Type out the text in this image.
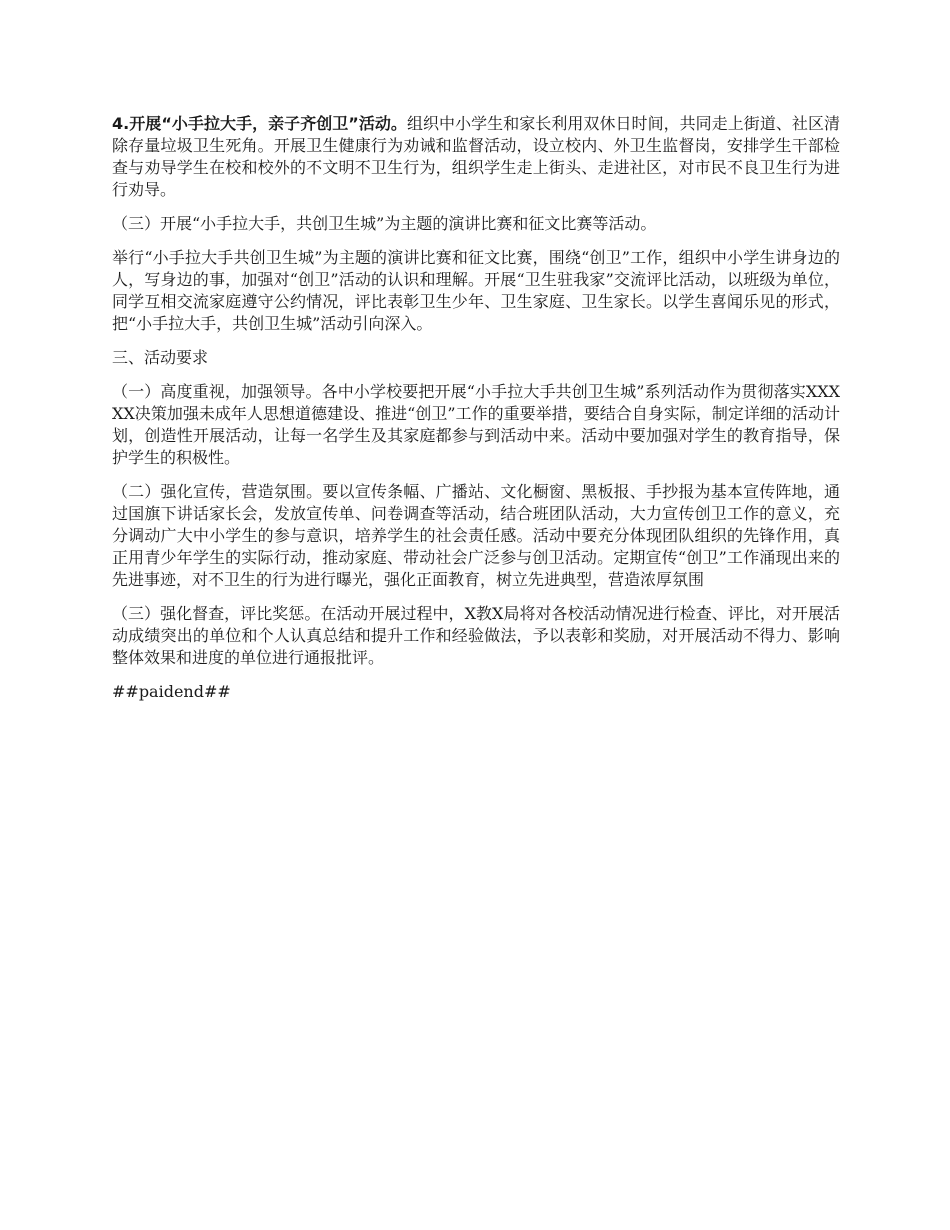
4.开展“小手拉大手，亲子齐创卫”活动。组织中小学生和家长利用双休日时间，共同走上街道、社区清除存量垃圾卫生死角。开展卫生健康行为劝诫和监督活动，设立校内、外卫生监督岗，安排学生干部检查与劝导学生在校和校外的不文明不卫生行为，组织学生走上街头、走进社区，对市民不良卫生行为进行劝导。

（三）开展“小手拉大手，共创卫生城”为主题的演讲比赛和征文比赛等活动。

举行“小手拉大手共创卫生城”为主题的演讲比赛和征文比赛，围绕“创卫”工作，组织中小学生讲身边的人，写身边的事，加强对“创卫”活动的认识和理解。开展“卫生驻我家”交流评比活动，以班级为单位，同学互相交流家庭遵守公约情况，评比表彰卫生少年、卫生家庭、卫生家长。以学生喜闻乐见的形式，把“小手拉大手，共创卫生城”活动引向深入。

三、活动要求

（一）高度重视，加强领导。各中小学校要把开展“小手拉大手共创卫生城”系列活动作为贯彻落实XXXXX决策加强未成年人思想道德建设、推进“创卫”工作的重要举措，要结合自身实际，制定详细的活动计划，创造性开展活动，让每一名学生及其家庭都参与到活动中来。活动中要加强对学生的教育指导，保护学生的积极性。

（二）强化宣传，营造氛围。要以宣传条幅、广播站、文化橱窗、黑板报、手抄报为基本宣传阵地，通过国旗下讲话家长会，发放宣传单、问卷调查等活动，结合班团队活动，大力宣传创卫工作的意义，充分调动广大中小学生的参与意识，培养学生的社会责任感。活动中要充分体现团队组织的先锋作用，真正用青少年学生的实际行动，推动家庭、带动社会广泛参与创卫活动。定期宣传“创卫”工作涌现出来的先进事迹，对不卫生的行为进行曝光，强化正面教育，树立先进典型，营造浓厚氛围

（三）强化督查，评比奖惩。在活动开展过程中，X教X局将对各校活动情况进行检查、评比，对开展活动成绩突出的单位和个人认真总结和提升工作和经验做法，予以表彰和奖励，对开展活动不得力、影响整体效果和进度的单位进行通报批评。

##paidend##
